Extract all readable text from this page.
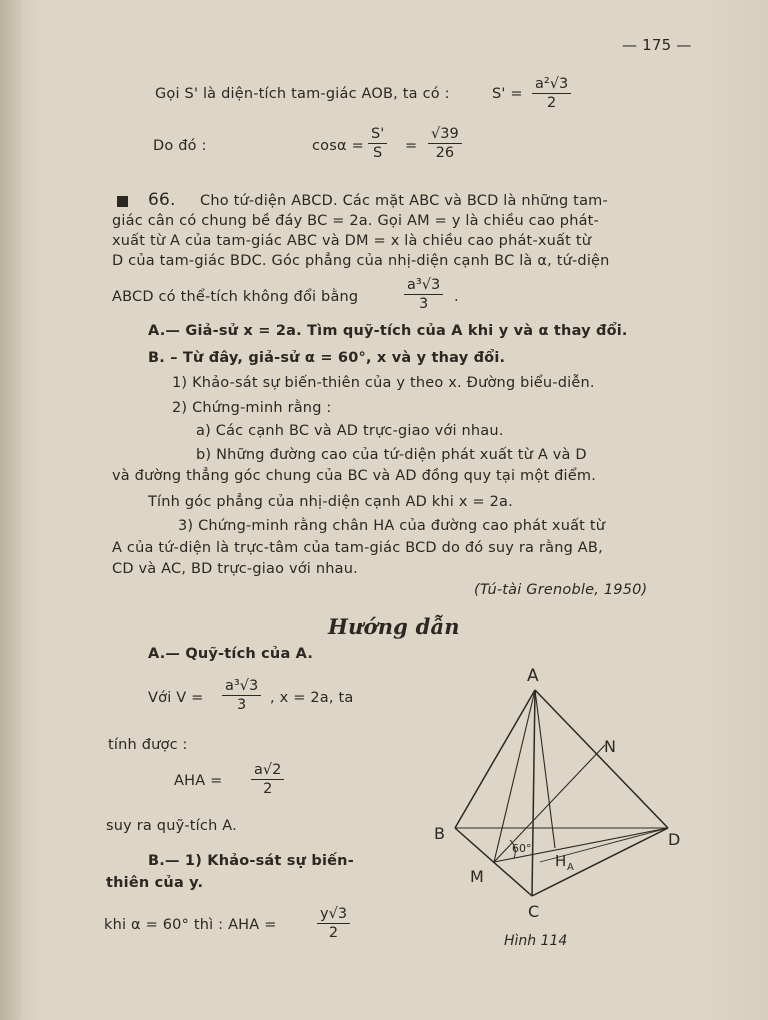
— 175 —
Gọi S' là diện-tích tam-giác AOB, ta có :	$S' = \frac{\text{a²√3}}{2}$
Do đó :	$\cos\alpha = \frac{S'}{S} = \frac{√39}{26}$
66. Cho tứ-diện ABCD. Các mặt ABC và BCD là những tam-
giác cân có chung bề đáy BC = 2a. Gọi AM = y là chiều cao phát-
xuất từ A của tam-giác ABC và DM = x là chiều cao phát-xuất từ
D của tam-giác BDC. Góc phẳng của nhị-diện cạnh BC là α, tứ-diện
ABCD có thể-tích không đổi bằng	$\frac{\text{a³√3}}{3}$ .
A.— Giả-sử x = 2a. Tìm quỹ-tích của A khi y và α thay đổi.
B. – Từ đây, giả-sử α = 60°, x và y thay đổi.
1) Khảo-sát sự biến-thiên của y theo x. Đường biểu-diễn.
2) Chứng-minh rằng :
a) Các cạnh BC và AD trực-giao với nhau.
b) Những đường cao của tứ-diện phát xuất từ A và D
và đường thẳng góc chung của BC và AD đồng quy tại một điểm.
Tính góc phẳng của nhị-diện cạnh AD khi x = 2a.
3) Chứng-minh rằng chân HA của đường cao phát xuất từ
A của tứ-diện là trực-tâm của tam-giác BCD do đó suy ra rằng AB,
CD và AC, BD trực-giao với nhau.
(Tú-tài Grenoble, 1950)
Hướng dẫn
A.— Quỹ-tích của A.
Với $V = \frac{\text{a³√3}}{3}$ , x = 2a, ta
tính được :
AHA = $\frac{a√2}{2}$
suy ra quỹ-tích A.
B.— 1) Khảo-sát sự biến-
thiên của y.
khi α = 60° thì : AHA =	$\frac{y√3}{2}$
A
N
B	D
M
C
H A
60°
Hình 114
